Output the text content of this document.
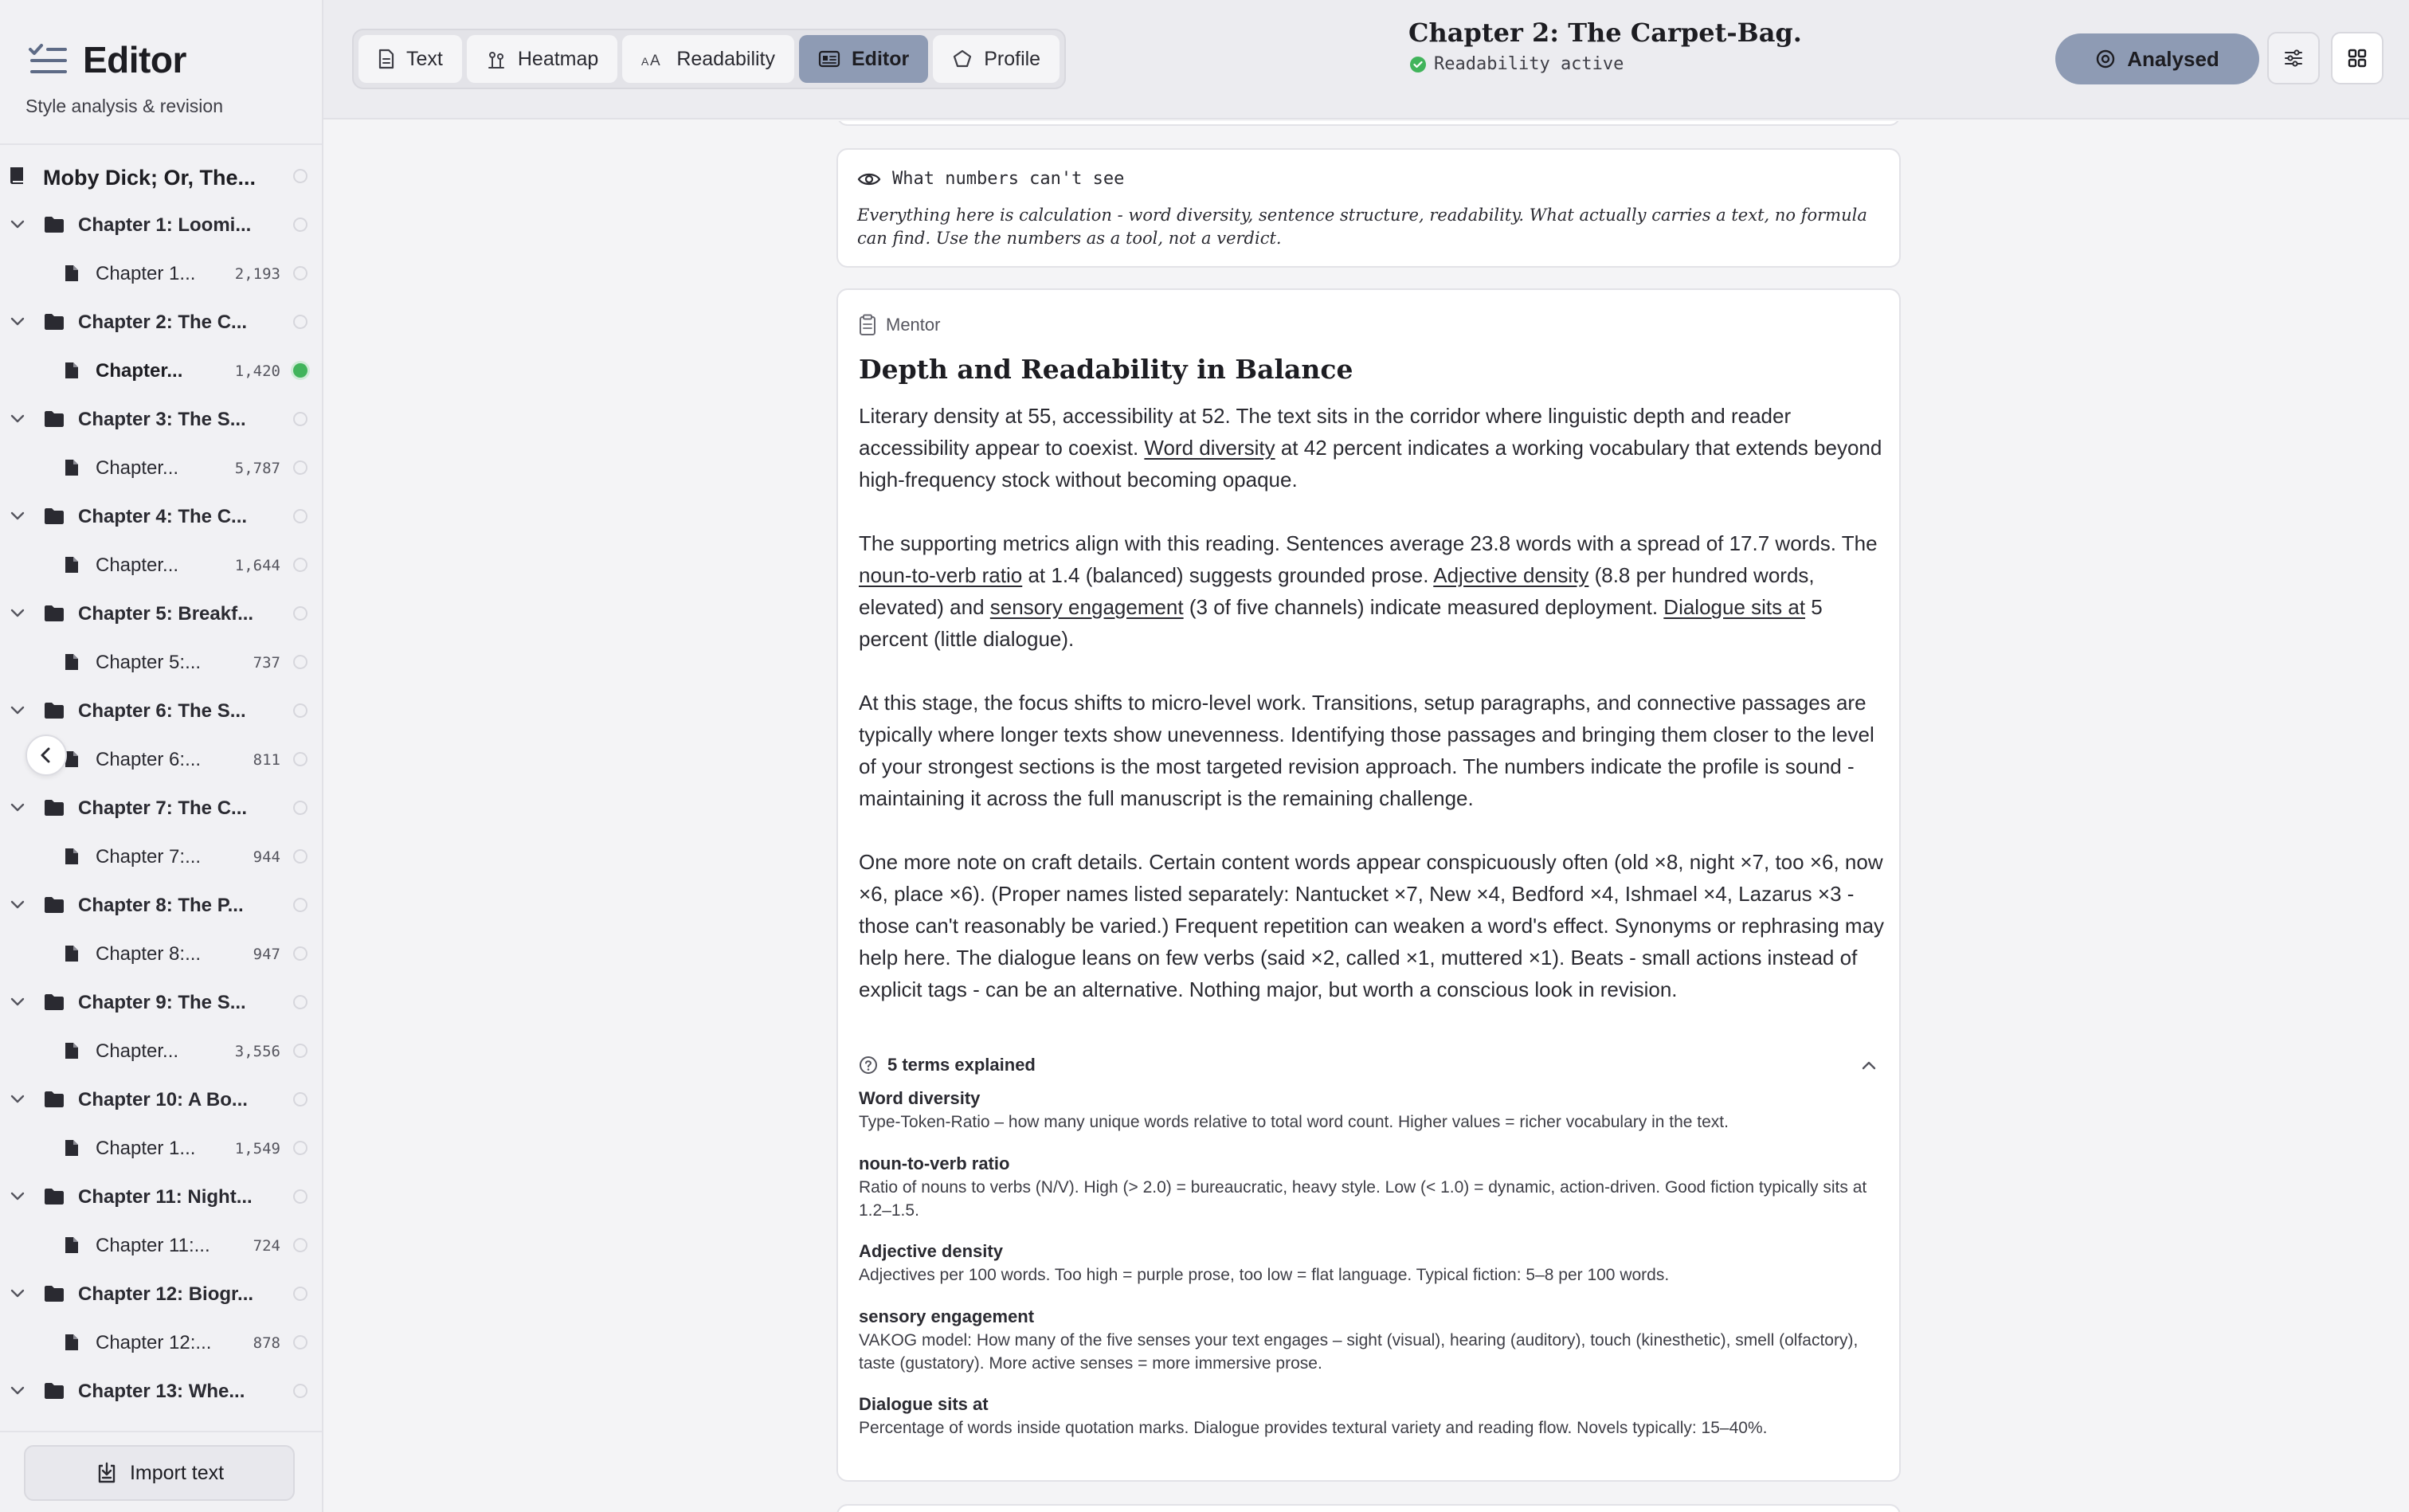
Editor
Style analysis & revision
Moby Dick; Or, The...
Chapter 1: Loomi...
Chapter 1...	2,193
Chapter 2: The C...
Chapter...	1,420
Chapter 3: The S...
Chapter...	5,787
Chapter 4: The C...
Chapter...	1,644
Chapter 5: Breakf...
Chapter 5:...	737
Chapter 6: The S...
Chapter 6:...	811
Chapter 7: The C...
Chapter 7:...	944
Chapter 8: The P...
Chapter 8:...	947
Chapter 9: The S...
Chapter...	3,556
Chapter 10: A Bo...
Chapter 1...	1,549
Chapter 11: Night...
Chapter 11:...	724
Chapter 12: Biogr...
Chapter 12:...	878
Chapter 13: Whe...
Import text
Text	Heatmap	A A Readability	Editor	Profile
Chapter 2: The Carpet-Bag.
Readability active	Analysed
What numbers can't see
Everything here is calculation - word diversity, sentence structure, readability. What actually carries a text, no formula can find. Use the numbers as a tool, not a verdict.
Mentor
Depth and Readability in Balance

Literary density at 55, accessibility at 52. The text sits in the corridor where linguistic depth and reader accessibility appear to coexist. Word diversity at 42 percent indicates a working vocabulary that extends beyond high-frequency stock without becoming opaque.

The supporting metrics align with this reading. Sentences average 23.8 words with a spread of 17.7 words. The noun-to-verb ratio at 1.4 (balanced) suggests grounded prose. Adjective density (8.8 per hundred words, elevated) and sensory engagement (3 of five channels) indicate measured deployment. Dialogue sits at 5 percent (little dialogue).

At this stage, the focus shifts to micro-level work. Transitions, setup paragraphs, and connective passages are typically where longer texts show unevenness. Identifying those passages and bringing them closer to the level of your strongest sections is the most targeted revision approach. The numbers indicate the profile is sound - maintaining it across the full manuscript is the remaining challenge.

One more note on craft details. Certain content words appear conspicuously often (old ×8, night ×7, too ×6, now ×6, place ×6). (Proper names listed separately: Nantucket ×7, New ×4, Bedford ×4, Ishmael ×4, Lazarus ×3 - those can't reasonably be varied.) Frequent repetition can weaken a word's effect. Synonyms or rephrasing may help here. The dialogue leans on few verbs (said ×2, called ×1, muttered ×1). Beats - small actions instead of explicit tags - can be an alternative. Nothing major, but worth a conscious look in revision.

5 terms explained
Word diversity
Type-Token-Ratio – how many unique words relative to total word count. Higher values = richer vocabulary in the text.
noun-to-verb ratio
Ratio of nouns to verbs (N/V). High (> 2.0) = bureaucratic, heavy style. Low (< 1.0) = dynamic, action-driven. Good fiction typically sits at 1.2–1.5.
Adjective density
Adjectives per 100 words. Too high = purple prose, too low = flat language. Typical fiction: 5–8 per 100 words.
sensory engagement
VAKOG model: How many of the five senses your text engages – sight (visual), hearing (auditory), touch (kinesthetic), smell (olfactory), taste (gustatory). More active senses = more immersive prose.
Dialogue sits at
Percentage of words inside quotation marks. Dialogue provides textural variety and reading flow. Novels typically: 15–40%.
